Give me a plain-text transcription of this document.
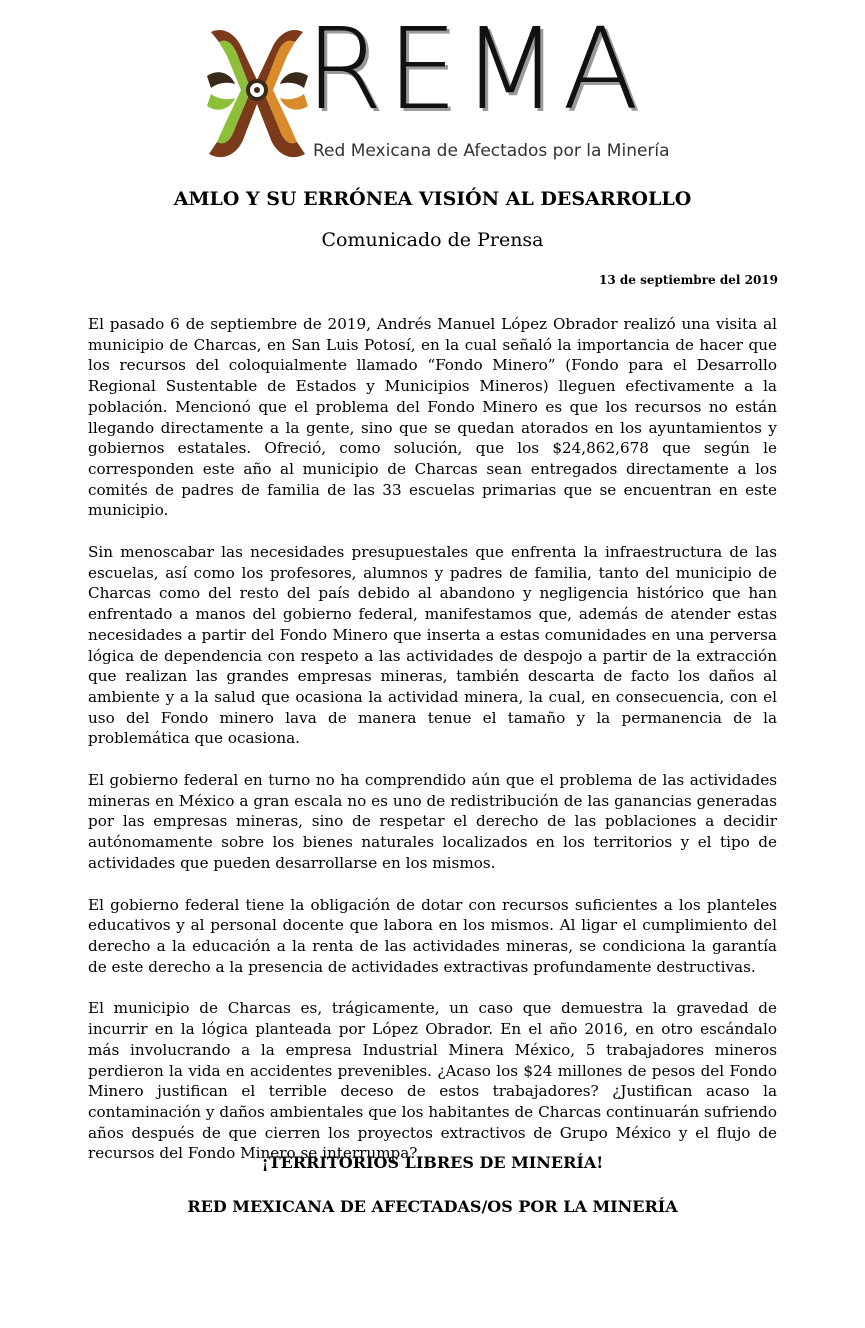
REMA
Red Mexicana de Afectados por la Minería
AMLO Y SU ERRÓNEA VISIÓN AL DESARROLLO
Comunicado de Prensa
13 de septiembre del 2019

El pasado 6 de septiembre de 2019, Andrés Manuel López Obrador realizó una visita al municipio de Charcas, en San Luis Potosí, en la cual señaló la importancia de hacer que los recursos del coloquialmente llamado “Fondo Minero” (Fondo para el Desarrollo Regional Sustentable de Estados y Municipios Mineros) lleguen efectivamente a la población. Mencionó que el problema del Fondo Minero es que los recursos no están llegando directamente a la gente, sino que se quedan atorados en los ayuntamientos y gobiernos estatales. Ofreció, como solución, que los $24,862,678 que según le corresponden este año al municipio de Charcas sean entregados directamente a los comités de padres de familia de las 33 escuelas primarias que se encuentran en este municipio.

Sin menoscabar las necesidades presupuestales que enfrenta la infraestructura de las escuelas, así como los profesores, alumnos y padres de familia, tanto del municipio de Charcas como del resto del país debido al abandono y negligencia histórico que han enfrentado a manos del gobierno federal, manifestamos que, además de atender estas necesidades a partir del Fondo Minero que inserta a estas comunidades en una perversa lógica de dependencia con respeto a las actividades de despojo a partir de la extracción que realizan las grandes empresas mineras, también descarta de facto los daños al ambiente y a la salud que ocasiona la actividad minera, la cual, en consecuencia, con el uso del Fondo minero lava de manera tenue el tamaño y la permanencia de la problemática que ocasiona.

El gobierno federal en turno no ha comprendido aún que el problema de las actividades mineras en México a gran escala no es uno de redistribución de las ganancias generadas por las empresas mineras, sino de respetar el derecho de las poblaciones a decidir autónomamente sobre los bienes naturales localizados en los territorios y el tipo de actividades que pueden desarrollarse en los mismos.

El gobierno federal tiene la obligación de dotar con recursos suficientes a los planteles educativos y al personal docente que labora en los mismos. Al ligar el cumplimiento del derecho a la educación a la renta de las actividades mineras, se condiciona la garantía de este derecho a la presencia de actividades extractivas profundamente destructivas.

El municipio de Charcas es, trágicamente, un caso que demuestra la gravedad de incurrir en la lógica planteada por López Obrador. En el año 2016, en otro escándalo más involucrando a la empresa Industrial Minera México, 5 trabajadores mineros perdieron la vida en accidentes prevenibles. ¿Acaso los $24 millones de pesos del Fondo Minero justifican el terrible deceso de estos trabajadores? ¿Justifican acaso la contaminación y daños ambientales que los habitantes de Charcas continuarán sufriendo años después de que cierren los proyectos extractivos de Grupo México y el flujo de recursos del Fondo Minero se interrumpa?

¡TERRITORIOS LIBRES DE MINERÍA!
RED MEXICANA DE AFECTADAS/OS POR LA MINERÍA
